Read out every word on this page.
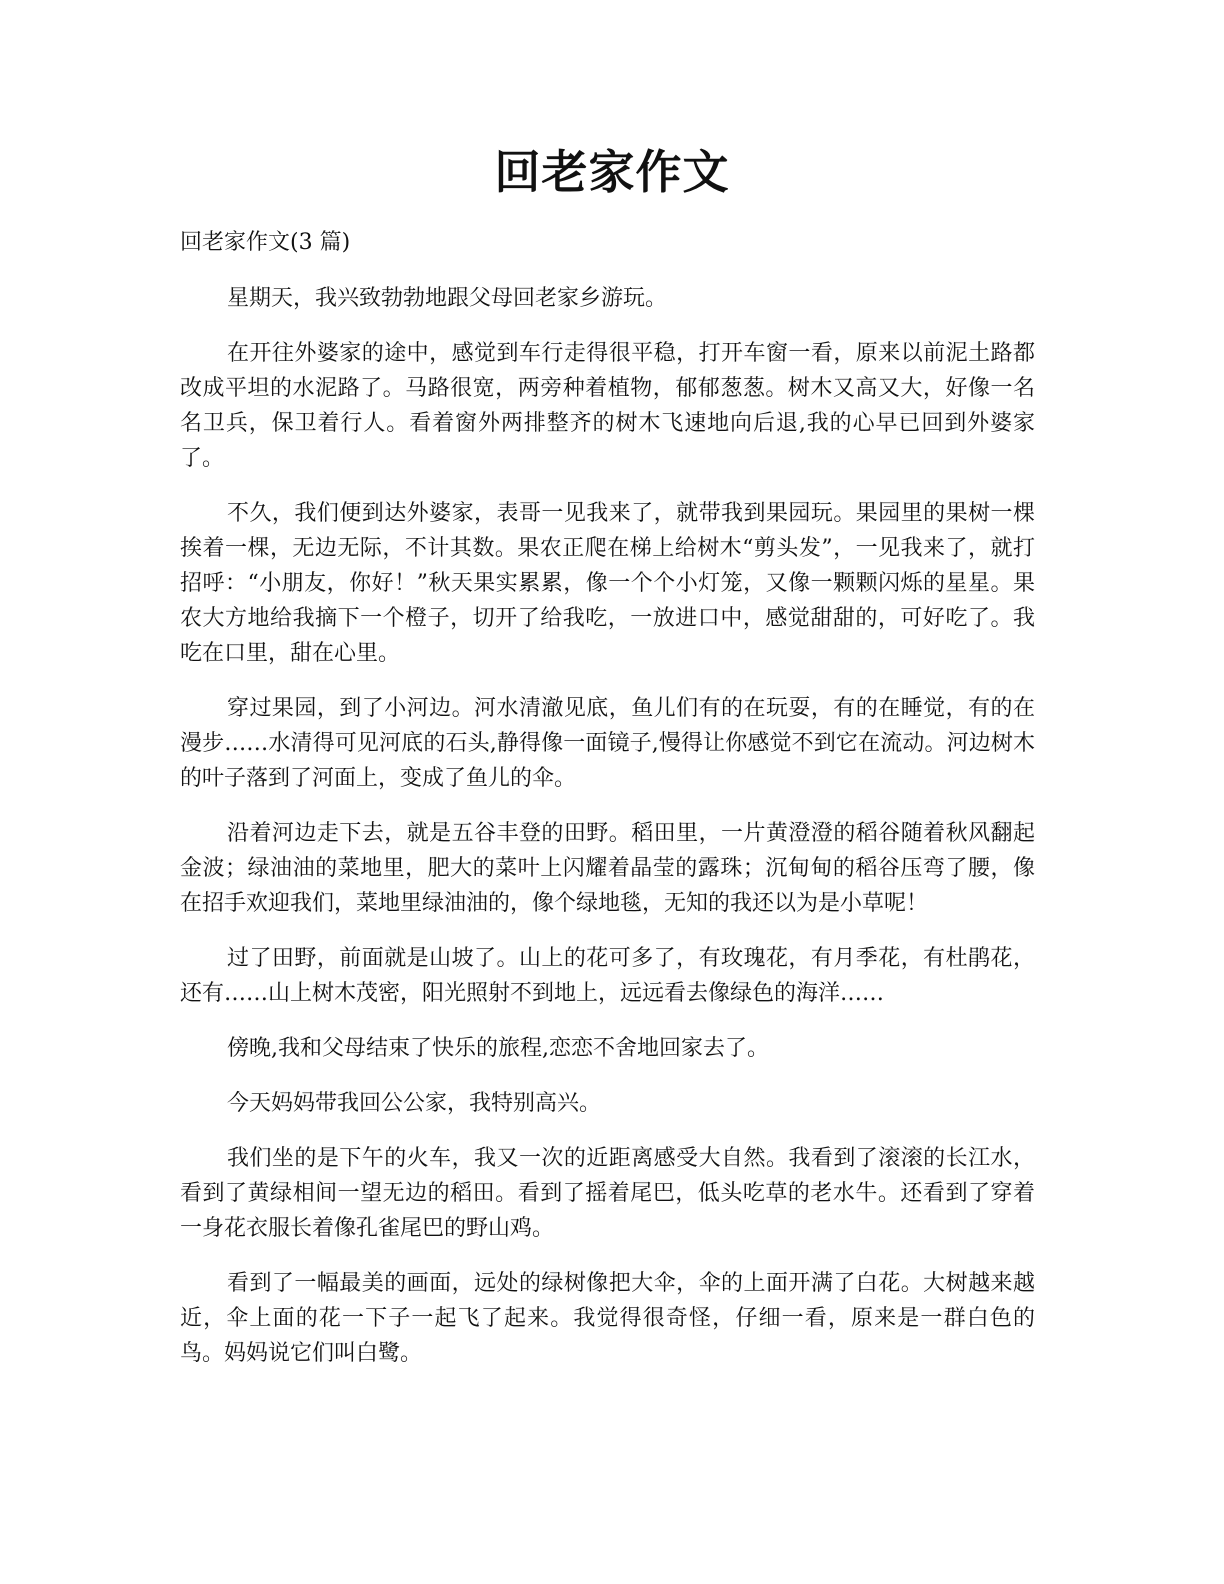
回老家作文

回老家作文(3 篇)

星期天，我兴致勃勃地跟父母回老家乡游玩。

在开往外婆家的途中，感觉到车行走得很平稳，打开车窗一看，原来以前泥土路都改成平坦的水泥路了。马路很宽，两旁种着植物，郁郁葱葱。树木又高又大，好像一名名卫兵，保卫着行人。看着窗外两排整齐的树木飞速地向后退,我的心早已回到外婆家了。

不久，我们便到达外婆家，表哥一见我来了，就带我到果园玩。果园里的果树一棵挨着一棵，无边无际，不计其数。果农正爬在梯上给树木“剪头发”，一见我来了，就打招呼：“小朋友，你好！”秋天果实累累，像一个个小灯笼，又像一颗颗闪烁的星星。果农大方地给我摘下一个橙子，切开了给我吃，一放进口中，感觉甜甜的，可好吃了。我吃在口里，甜在心里。

穿过果园，到了小河边。河水清澈见底，鱼儿们有的在玩耍，有的在睡觉，有的在漫步……水清得可见河底的石头,静得像一面镜子,慢得让你感觉不到它在流动。河边树木的叶子落到了河面上，变成了鱼儿的伞。

沿着河边走下去，就是五谷丰登的田野。稻田里，一片黄澄澄的稻谷随着秋风翻起金波；绿油油的菜地里，肥大的菜叶上闪耀着晶莹的露珠；沉甸甸的稻谷压弯了腰，像在招手欢迎我们，菜地里绿油油的，像个绿地毯，无知的我还以为是小草呢！

过了田野，前面就是山坡了。山上的花可多了，有玫瑰花，有月季花，有杜鹃花，还有……山上树木茂密，阳光照射不到地上，远远看去像绿色的海洋……

傍晚,我和父母结束了快乐的旅程,恋恋不舍地回家去了。

今天妈妈带我回公公家，我特别高兴。

我们坐的是下午的火车，我又一次的近距离感受大自然。我看到了滚滚的长江水，看到了黄绿相间一望无边的稻田。看到了摇着尾巴，低头吃草的老水牛。还看到了穿着一身花衣服长着像孔雀尾巴的野山鸡。

看到了一幅最美的画面，远处的绿树像把大伞，伞的上面开满了白花。大树越来越近，伞上面的花一下子一起飞了起来。我觉得很奇怪，仔细一看，原来是一群白色的鸟。妈妈说它们叫白鹭。
